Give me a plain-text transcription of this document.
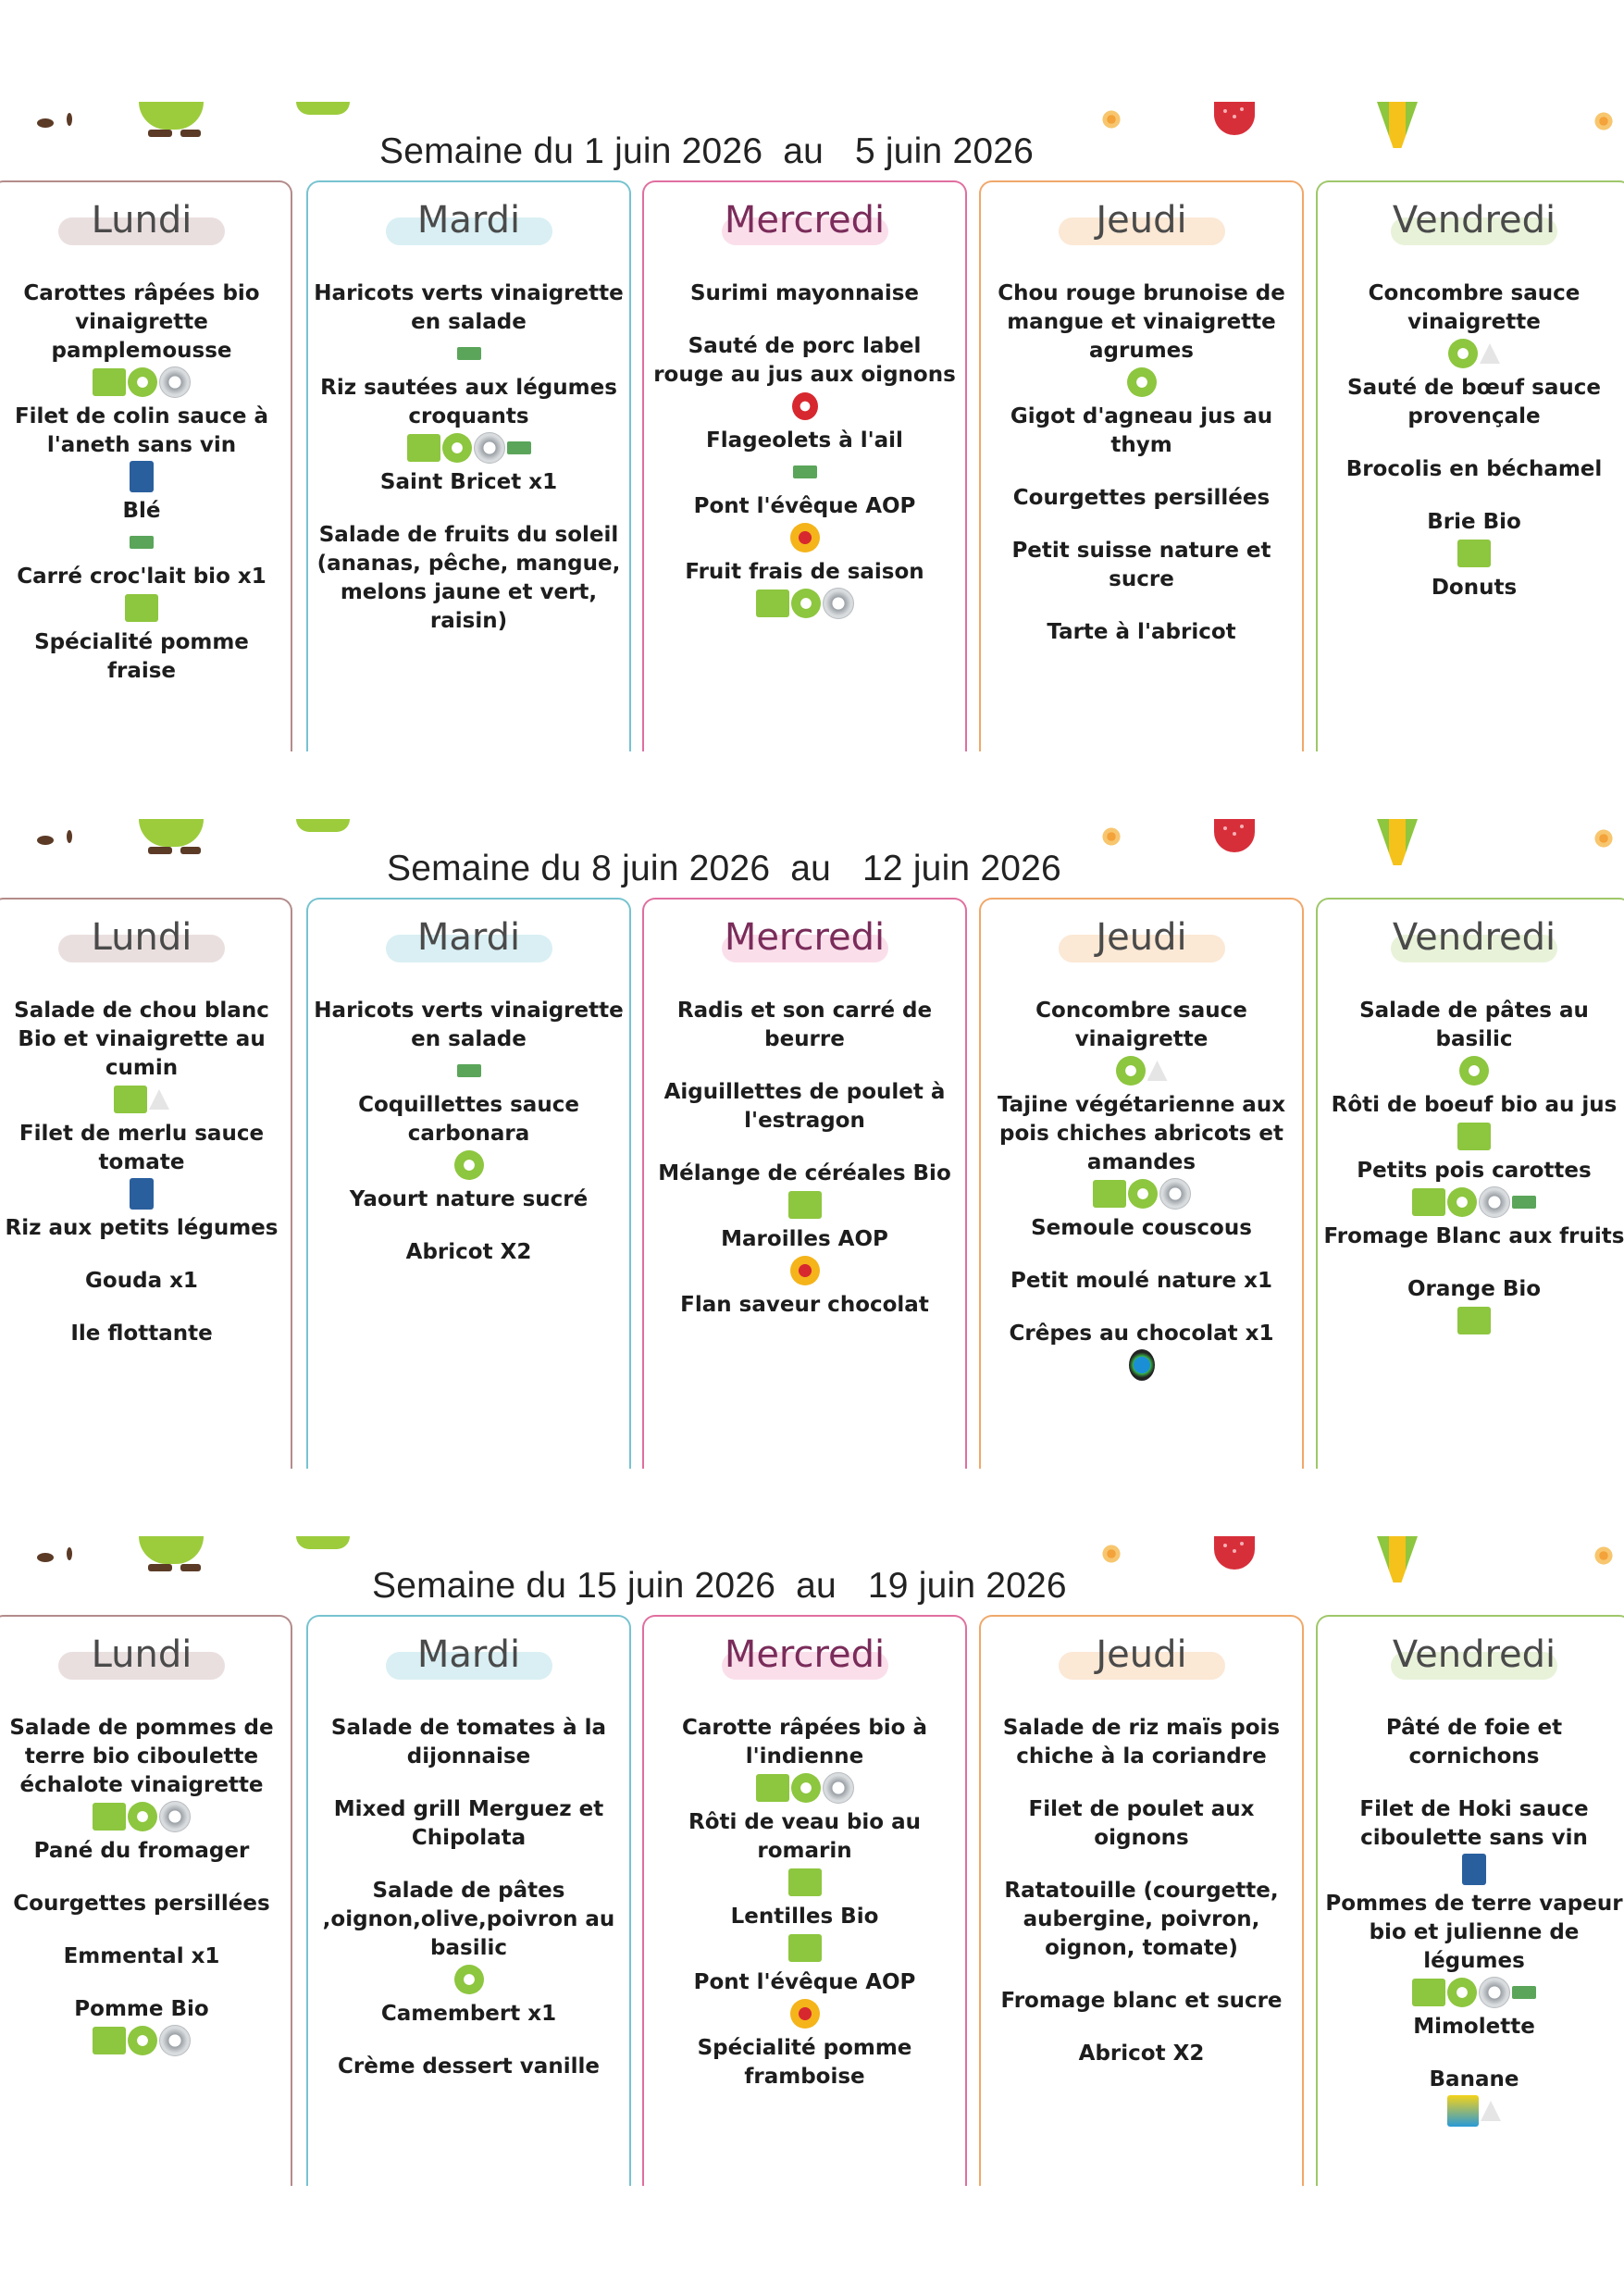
Semaine du 1 juin 2026 au 5 juin 2026
Lundi
Carottes râpées bio vinaigrette pamplemousse
Filet de colin sauce à l'aneth sans vin
Blé
Carré croc'lait bio x1
Spécialité pomme fraise
Mardi
Haricots verts vinaigrette en salade
Riz sautées aux légumes croquants
Saint Bricet x1
Salade de fruits du soleil (ananas, pêche, mangue, melons jaune et vert, raisin)
Mercredi
Surimi mayonnaise
Sauté de porc label rouge au jus aux oignons
Flageolets à l'ail
Pont l'évêque AOP
Fruit frais de saison
Jeudi
Chou rouge brunoise de mangue et vinaigrette agrumes
Gigot d'agneau jus au thym
Courgettes persillées
Petit suisse nature et sucre
Tarte à l'abricot
Vendredi
Concombre sauce vinaigrette
Sauté de bœuf sauce provençale
Brocolis en béchamel
Brie Bio
Donuts
Semaine du 8 juin 2026 au 12 juin 2026
Lundi
Salade de chou blanc Bio et vinaigrette au cumin
Filet de merlu sauce tomate
Riz aux petits légumes
Gouda x1
Ile flottante
Mardi
Haricots verts vinaigrette en salade
Coquillettes sauce carbonara
Yaourt nature sucré
Abricot X2
Mercredi
Radis et son carré de beurre
Aiguillettes de poulet à l'estragon
Mélange de céréales Bio
Maroilles AOP
Flan saveur chocolat
Jeudi
Concombre sauce vinaigrette
Tajine végétarienne aux pois chiches abricots et amandes
Semoule couscous
Petit moulé nature x1
Crêpes au chocolat x1
Vendredi
Salade de pâtes au basilic
Rôti de boeuf bio au jus
Petits pois carottes
Fromage Blanc aux fruits
Orange Bio
Semaine du 15 juin 2026 au 19 juin 2026
Lundi
Salade de pommes de terre bio ciboulette échalote vinaigrette
Pané du fromager
Courgettes persillées
Emmental x1
Pomme Bio
Mardi
Salade de tomates à la dijonnaise
Mixed grill Merguez et Chipolata
Salade de pâtes ,oignon,olive,poivron au basilic
Camembert x1
Crème dessert vanille
Mercredi
Carotte râpées bio à l'indienne
Rôti de veau bio au romarin
Lentilles Bio
Pont l'évêque AOP
Spécialité pomme framboise
Jeudi
Salade de riz maïs pois chiche à la coriandre
Filet de poulet aux oignons
Ratatouille (courgette, aubergine, poivron, oignon, tomate)
Fromage blanc et sucre
Abricot X2
Vendredi
Pâté de foie et cornichons
Filet de Hoki sauce ciboulette sans vin
Pommes de terre vapeur bio et julienne de légumes
Mimolette
Banane
